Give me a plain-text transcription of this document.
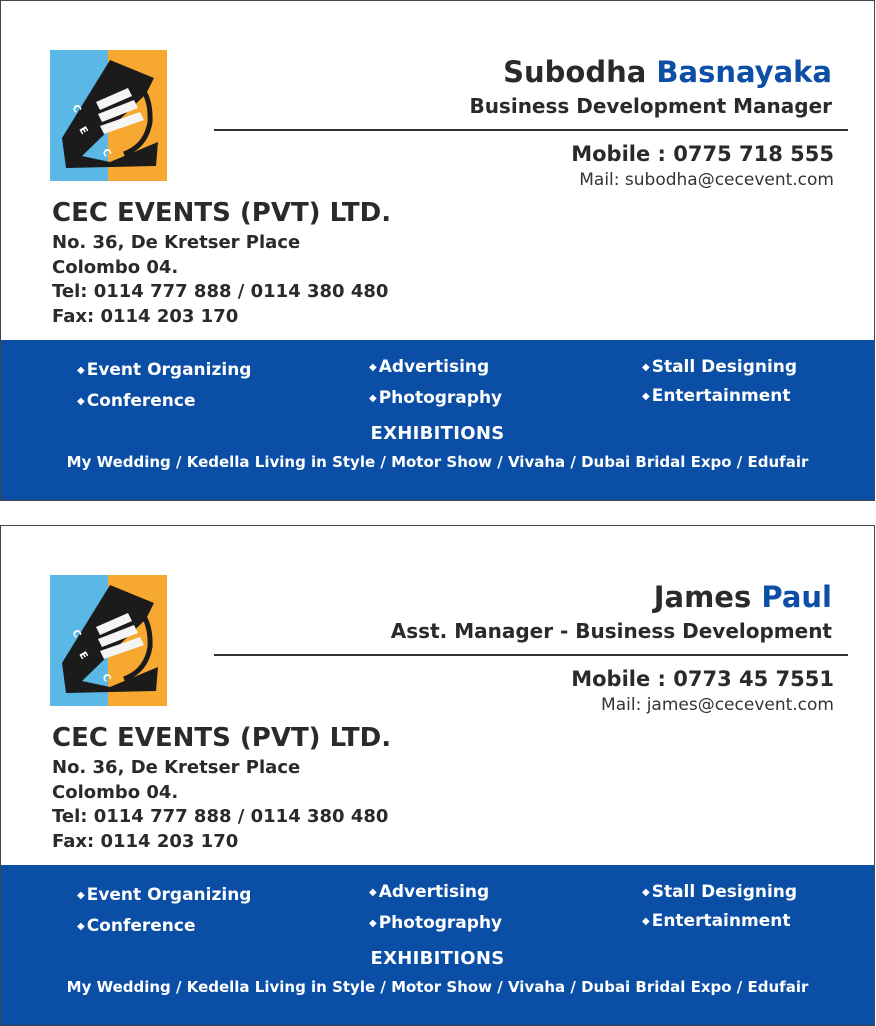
C
E
C
Subodha Basnayaka
Business Development Manager
Mobile : 0775 718 555
Mail: subodha@cecevent.com
CEC EVENTS (PVT) LTD.
No. 36, De Kretser Place
Colombo 04.
Tel: 0114 777 888 / 0114 380 480
Fax: 0114 203 170
◆ Event Organizing
◆ Conference
◆ Advertising
◆ Photography
◆ Stall Designing
◆ Entertainment
EXHIBITIONS
My Wedding / Kedella Living in Style / Motor Show / Vivaha / Dubai Bridal Expo / Edufair
C
E
C
James Paul
Asst. Manager - Business Development
Mobile : 0773 45 7551
Mail: james@cecevent.com
CEC EVENTS (PVT) LTD.
No. 36, De Kretser Place
Colombo 04.
Tel: 0114 777 888 / 0114 380 480
Fax: 0114 203 170
◆ Event Organizing
◆ Conference
◆ Advertising
◆ Photography
◆ Stall Designing
◆ Entertainment
EXHIBITIONS
My Wedding / Kedella Living in Style / Motor Show / Vivaha / Dubai Bridal Expo / Edufair
